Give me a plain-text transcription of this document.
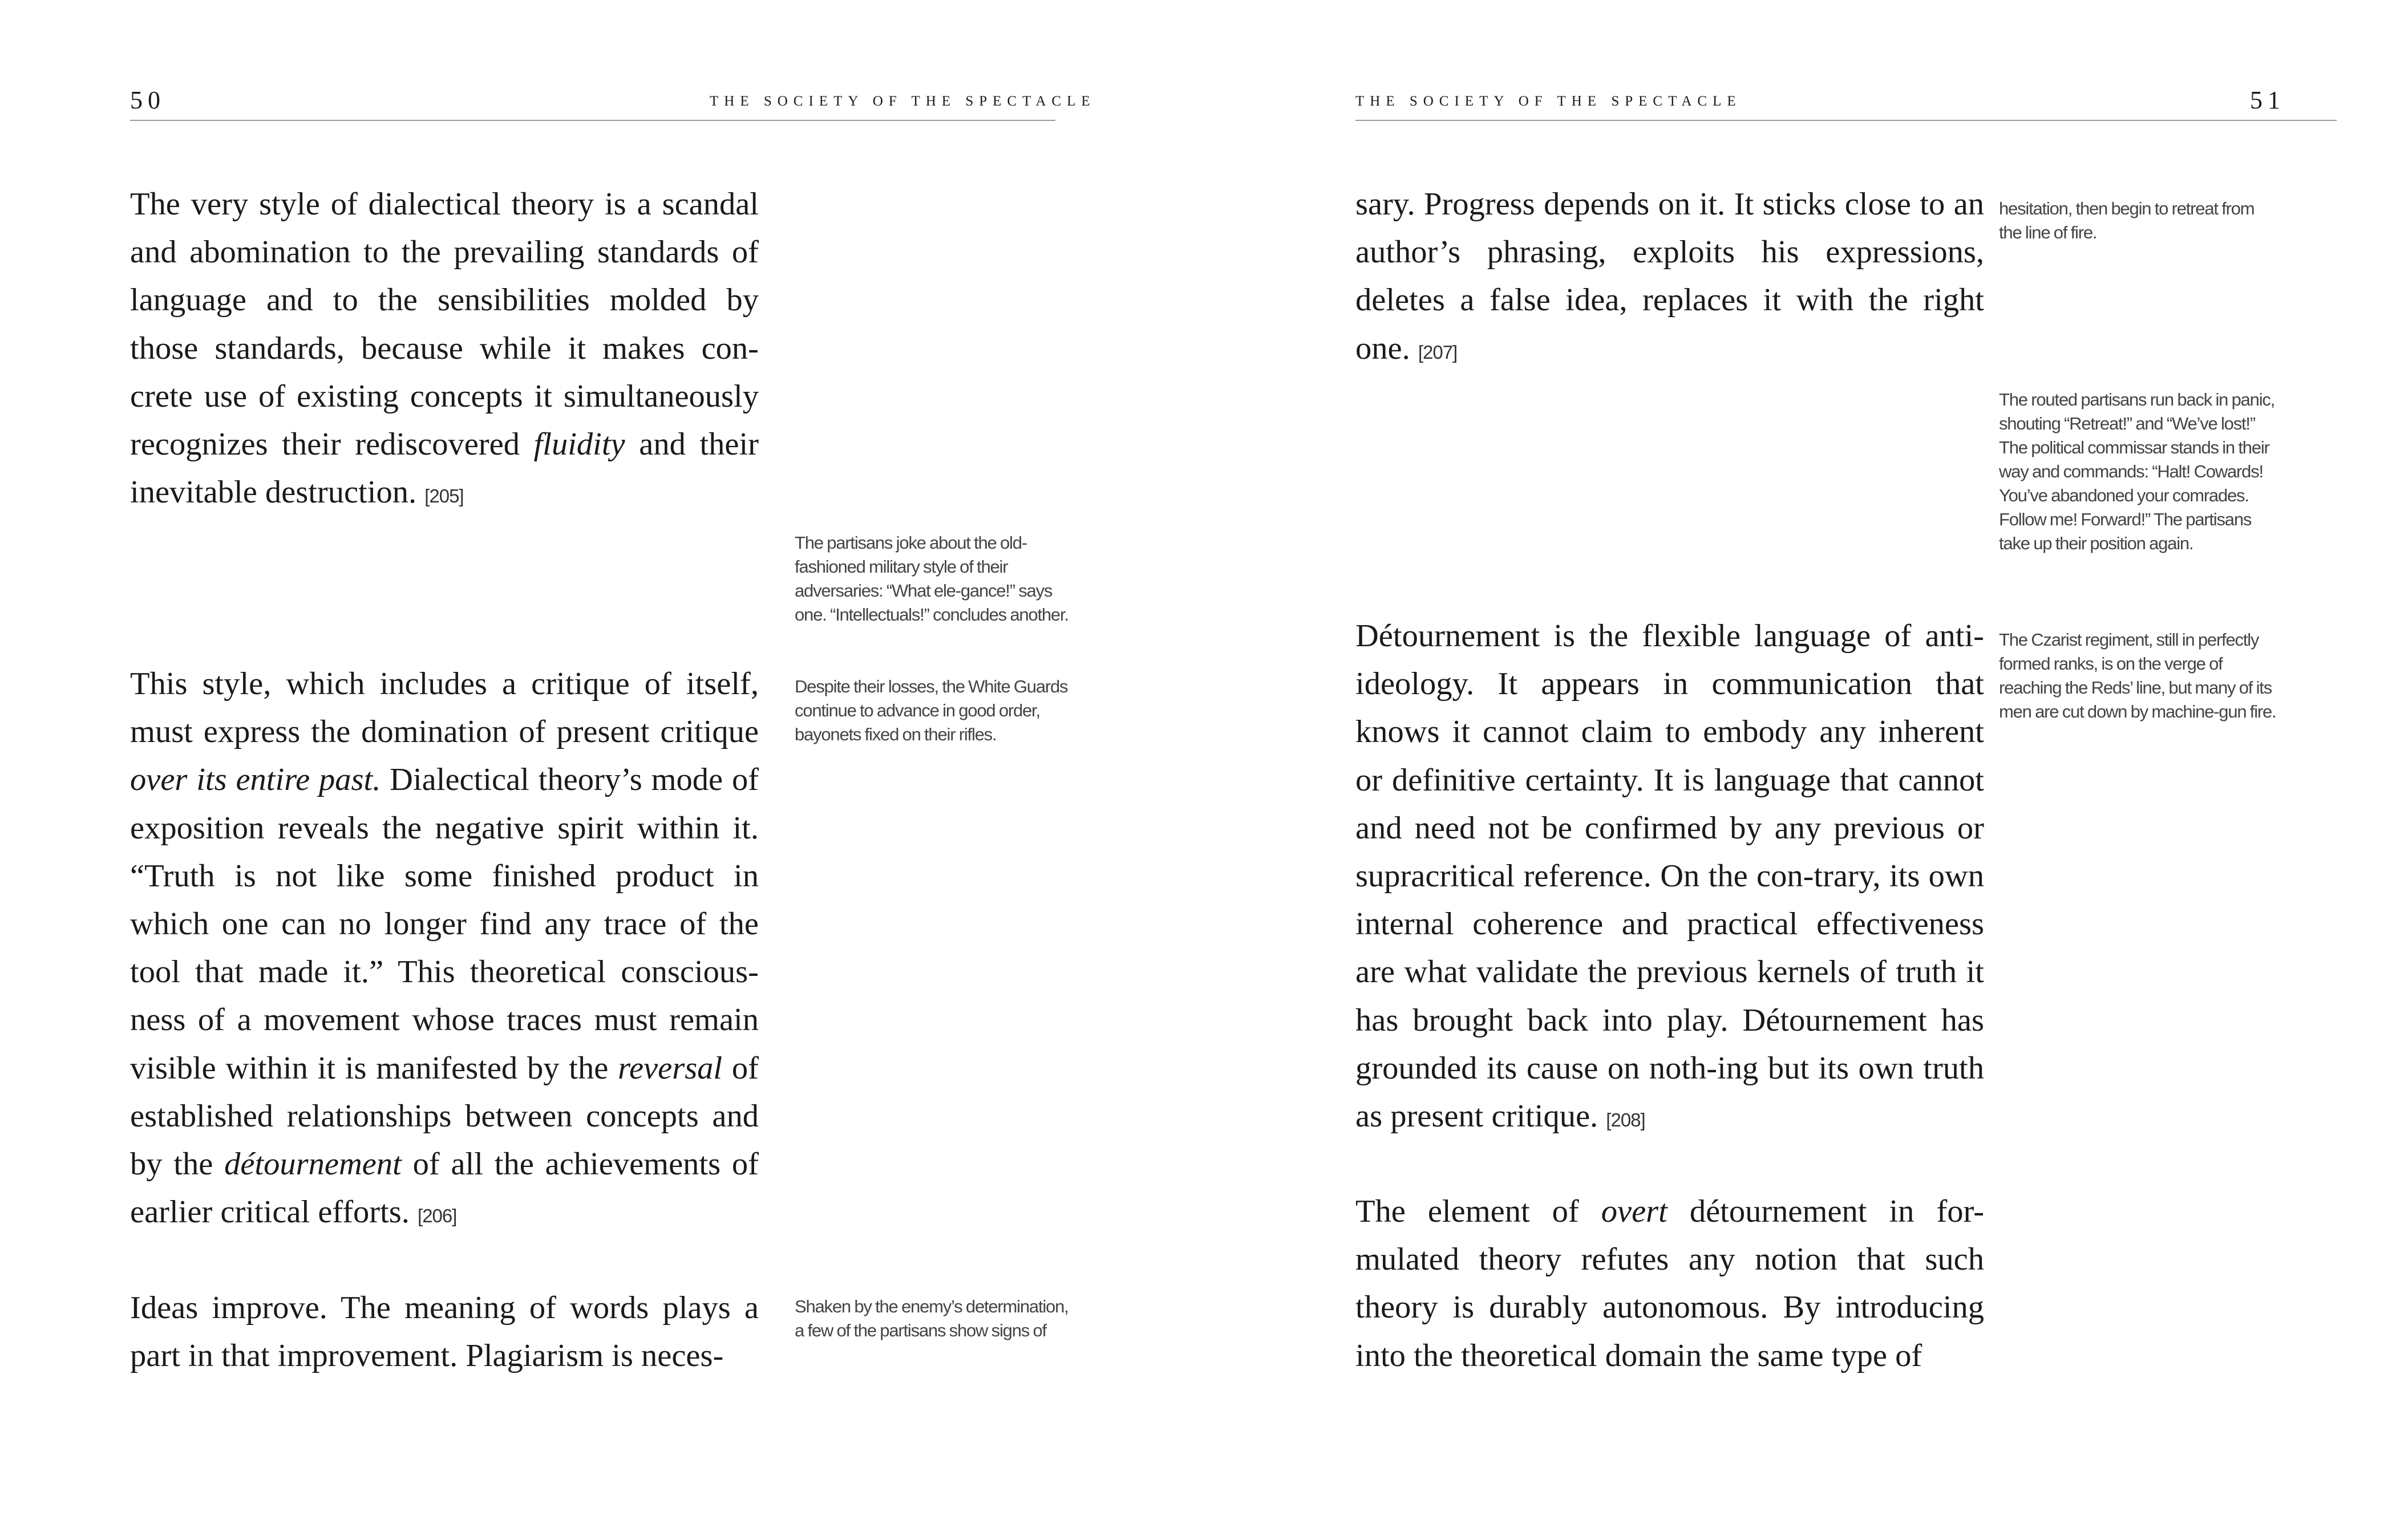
50	THE SOCIETY OF THE SPECTACLE

The very style of dialectical theory is a scandal and abomination to the prevailing standards of language and to the sensibilities molded by those standards, because while it makes con-crete use of existing concepts it simultaneously recognizes their rediscovered fluidity and their inevitable destruction. [205]

This style, which includes a critique of itself, must express the domination of present critique over its entire past. Dialectical theory’s mode of exposition reveals the negative spirit within it. “Truth is not like some finished product in which one can no longer find any trace of the tool that made it.” This theoretical conscious-ness of a movement whose traces must remain visible within it is manifested by the reversal of established relationships between concepts and by the détournement of all the achievements of earlier critical efforts. [206]

Ideas improve. The meaning of words plays a part in that improvement. Plagiarism is neces-

The partisans joke about the old-fashioned military style of their adversaries: “What ele-gance!” says one. “Intellectuals!” concludes another.

Despite their losses, the White Guards continue to advance in good order, bayonets fixed on their rifles.

Shaken by the enemy’s determination, a few of the partisans show signs of

THE SOCIETY OF THE SPECTACLE	51

sary. Progress depends on it. It sticks close to an author’s phrasing, exploits his expressions, deletes a false idea, replaces it with the right one. [207]

Détournement is the flexible language of anti-ideology. It appears in communication that knows it cannot claim to embody any inherent or definitive certainty. It is language that cannot and need not be confirmed by any previous or supracritical reference. On the con-trary, its own internal coherence and practical effectiveness are what validate the previous kernels of truth it has brought back into play. Détournement has grounded its cause on noth-ing but its own truth as present critique. [208]

The element of overt détournement in for-mulated theory refutes any notion that such theory is durably autonomous. By introducing into the theoretical domain the same type of

hesitation, then begin to retreat from the line of fire.

The routed partisans run back in panic, shouting “Retreat!” and “We’ve lost!” The political commissar stands in their way and commands: “Halt! Cowards! You’ve abandoned your comrades. Follow me! Forward!” The partisans take up their position again.

The Czarist regiment, still in perfectly formed ranks, is on the verge of reaching the Reds’ line, but many of its men are cut down by machine-gun fire.
